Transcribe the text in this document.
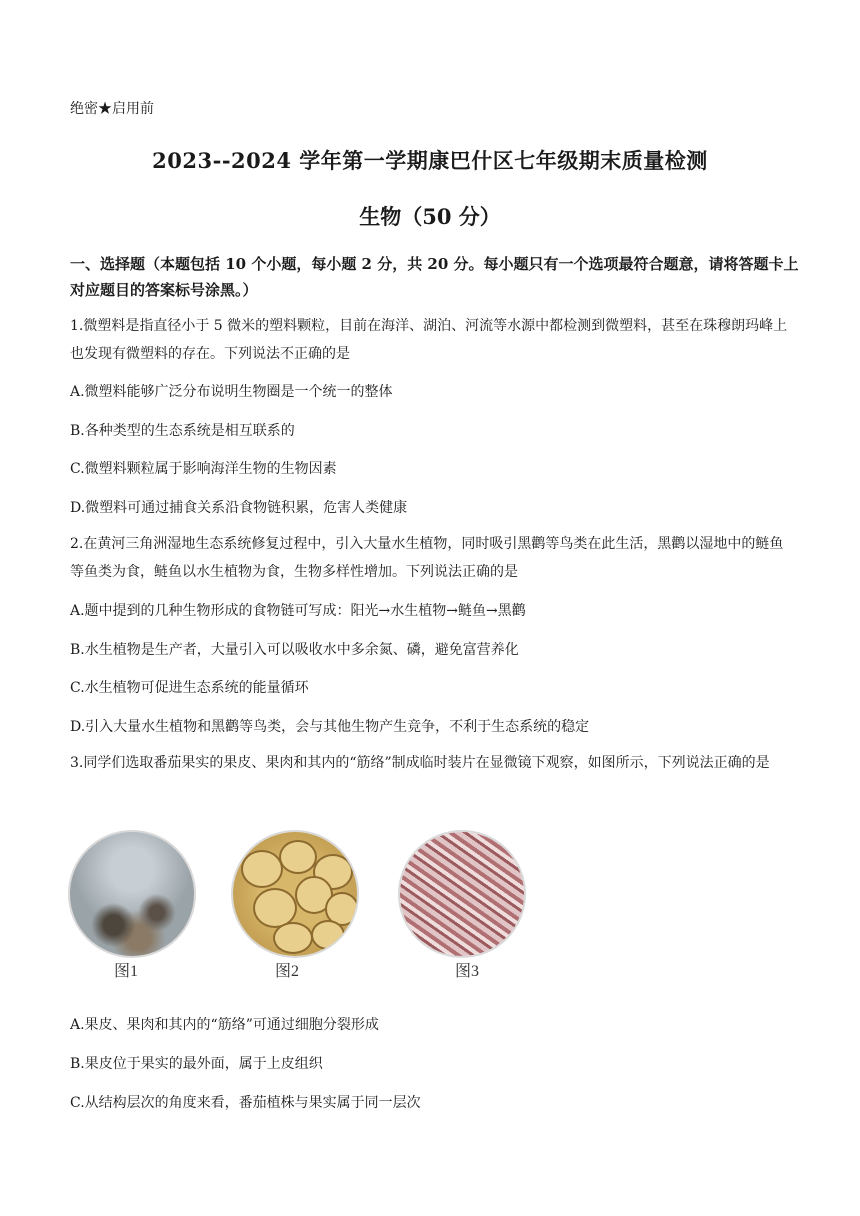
绝密★启用前
2023--2024 学年第一学期康巴什区七年级期末质量检测
生物（50 分）
一、选择题（本题包括 10 个小题，每小题 2 分，共 20 分。每小题只有一个选项最符合题意，请将答题卡上对应题目的答案标号涂黑。）
1.微塑料是指直径小于 5 微米的塑料颗粒，目前在海洋、湖泊、河流等水源中都检测到微塑料，甚至在珠穆朗玛峰上也发现有微塑料的存在。下列说法不正确的是
A.微塑料能够广泛分布说明生物圈是一个统一的整体
B.各种类型的生态系统是相互联系的
C.微塑料颗粒属于影响海洋生物的生物因素
D.微塑料可通过捕食关系沿食物链积累，危害人类健康
2.在黄河三角洲湿地生态系统修复过程中，引入大量水生植物，同时吸引黑鹳等鸟类在此生活，黑鹳以湿地中的鲢鱼等鱼类为食，鲢鱼以水生植物为食，生物多样性增加。下列说法正确的是
A.题中提到的几种生物形成的食物链可写成：阳光→水生植物→鲢鱼→黑鹳
B.水生植物是生产者，大量引入可以吸收水中多余氮、磷，避免富营养化
C.水生植物可促进生态系统的能量循环
D.引入大量水生植物和黑鹳等鸟类，会与其他生物产生竞争，不利于生态系统的稳定
3.同学们选取番茄果实的果皮、果肉和其内的“筋络”制成临时装片在显微镜下观察，如图所示，下列说法正确的是
图1	图2	图3
A.果皮、果肉和其内的“筋络”可通过细胞分裂形成
B.果皮位于果实的最外面，属于上皮组织
C.从结构层次的角度来看，番茄植株与果实属于同一层次
